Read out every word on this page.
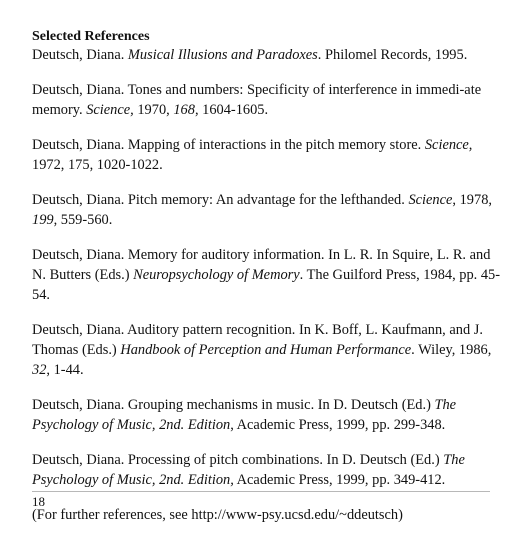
Selected References

Deutsch, Diana. Musical Illusions and Paradoxes. Philomel Records, 1995.

Deutsch, Diana. Tones and numbers: Specificity of interference in immedi-ate memory. Science, 1970, 168, 1604-1605.

Deutsch, Diana. Mapping of interactions in the pitch memory store. Science, 1972, 175, 1020-1022.

Deutsch, Diana. Pitch memory: An advantage for the lefthanded. Science, 1978, 199, 559-560.

Deutsch, Diana. Memory for auditory information. In L. R. In Squire, L. R. and N. Butters (Eds.) Neuropsychology of Memory. The Guilford Press, 1984, pp. 45-54.

Deutsch, Diana. Auditory pattern recognition. In K. Boff, L. Kaufmann, and J. Thomas (Eds.) Handbook of Perception and Human Performance. Wiley, 1986, 32, 1-44.

Deutsch, Diana. Grouping mechanisms in music. In D. Deutsch (Ed.) The Psychology of Music, 2nd. Edition, Academic Press, 1999, pp. 299-348.

Deutsch, Diana. Processing of pitch combinations. In D. Deutsch (Ed.) The Psychology of Music, 2nd. Edition, Academic Press, 1999, pp. 349-412.

(For further references, see http://www-psy.ucsd.edu/~ddeutsch)

18
